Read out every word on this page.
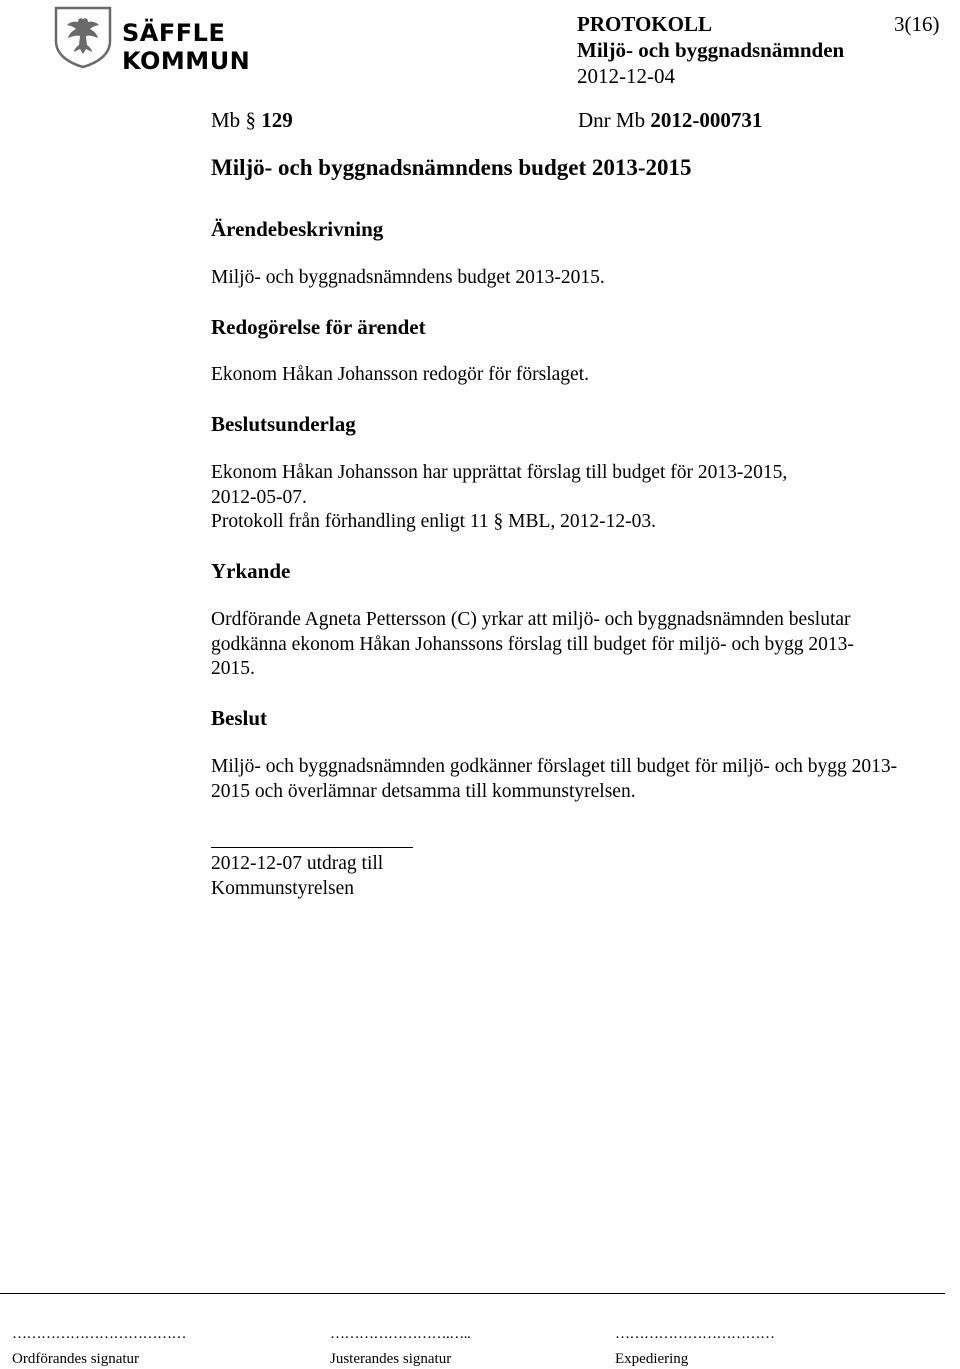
SÄFFLE KOMMUN
PROTOKOLL	3(16)
Miljö- och byggnadsnämnden
2012-12-04
Mb § 129	Dnr Mb 2012-000731
Miljö- och byggnadsnämndens budget 2013-2015
Ärendebeskrivning
Miljö- och byggnadsnämndens budget 2013-2015.
Redogörelse för ärendet
Ekonom Håkan Johansson redogör för förslaget.
Beslutsunderlag
Ekonom Håkan Johansson har upprättat förslag till budget för 2013-2015,
2012-05-07.
Protokoll från förhandling enligt 11 § MBL, 2012-12-03.
Yrkande
Ordförande Agneta Pettersson (C) yrkar att miljö- och byggnadsnämnden beslutar
godkänna ekonom Håkan Johanssons förslag till budget för miljö- och bygg 2013-
2015.
Beslut
Miljö- och byggnadsnämnden godkänner förslaget till budget för miljö- och bygg 2013-
2015 och överlämnar detsamma till kommunstyrelsen.
2012-12-07 utdrag till
Kommunstyrelsen
………………………………	…………………….…..	……………………………
Ordförandes signatur	Justerandes signatur	Expediering
